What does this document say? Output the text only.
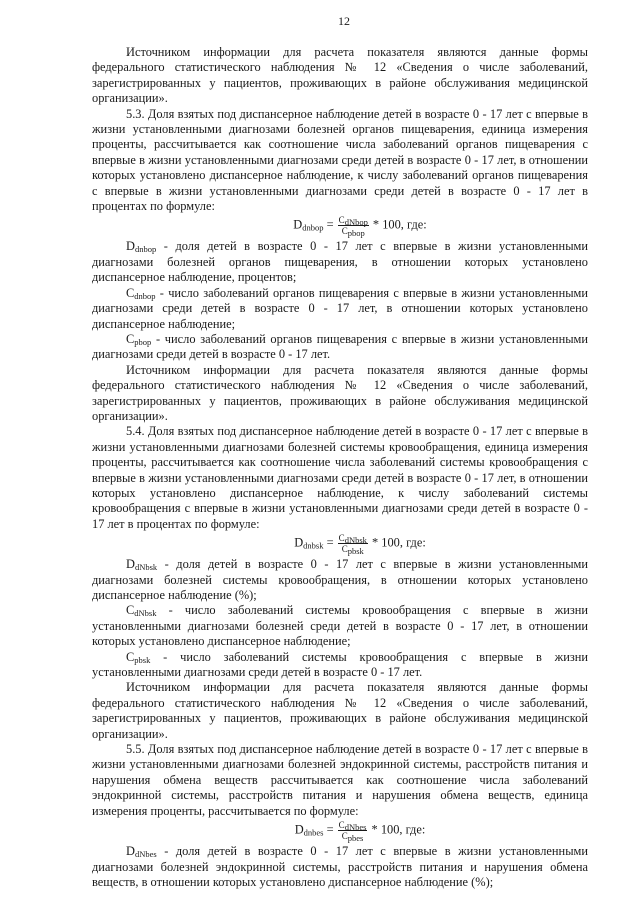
12

Источником информации для расчета показателя являются данные формы федерального статистического наблюдения № 12 «Сведения о числе заболеваний, зарегистрированных у пациентов, проживающих в районе обслуживания медицинской организации».

5.3. Доля взятых под диспансерное наблюдение детей в возрасте 0 - 17 лет с впервые в жизни установленными диагнозами болезней органов пищеварения, единица измерения проценты, рассчитывается как соотношение числа заболеваний органов пищеварения с впервые в жизни установленными диагнозами среди детей в возрасте 0 - 17 лет, в отношении которых установлено диспансерное наблюдение, к числу заболеваний органов пищеварения с впервые в жизни установленными диагнозами среди детей в возрасте 0 - 17 лет в процентах по формуле:

$D_{dnbop} = \frac{C_{dNbop}}{C_{pbop}} * 100$, где:

$D_{dnbop}$ - доля детей в возрасте 0 - 17 лет с впервые в жизни установленными диагнозами болезней органов пищеварения, в отношении которых установлено диспансерное наблюдение, процентов;

$C_{dnbop}$ - число заболеваний органов пищеварения с впервые в жизни установленными диагнозами среди детей в возрасте 0 - 17 лет, в отношении которых установлено диспансерное наблюдение;

$C_{pbop}$ - число заболеваний органов пищеварения с впервые в жизни установленными диагнозами среди детей в возрасте 0 - 17 лет.

Источником информации для расчета показателя являются данные формы федерального статистического наблюдения № 12 «Сведения о числе заболеваний, зарегистрированных у пациентов, проживающих в районе обслуживания медицинской организации».

5.4. Доля взятых под диспансерное наблюдение детей в возрасте 0 - 17 лет с впервые в жизни установленными диагнозами болезней системы кровообращения, единица измерения проценты, рассчитывается как соотношение числа заболеваний системы кровообращения с впервые в жизни установленными диагнозами среди детей в возрасте 0 - 17 лет, в отношении которых установлено диспансерное наблюдение, к числу заболеваний системы кровообращения с впервые в жизни установленными диагнозами среди детей в возрасте 0 - 17 лет в процентах по формуле:

$D_{dnbsk} = \frac{C_{dNbsk}}{C_{pbsk}} * 100$, где:

$D_{dNbsk}$ - доля детей в возрасте 0 - 17 лет с впервые в жизни установленными диагнозами болезней системы кровообращения, в отношении которых установлено диспансерное наблюдение (%);

$C_{dNbsk}$ - число заболеваний системы кровообращения с впервые в жизни установленными диагнозами болезней среди детей в возрасте 0 - 17 лет, в отношении которых установлено диспансерное наблюдение;

$C_{pbsk}$ - число заболеваний системы кровообращения с впервые в жизни установленными диагнозами среди детей в возрасте 0 - 17 лет.

Источником информации для расчета показателя являются данные формы федерального статистического наблюдения № 12 «Сведения о числе заболеваний, зарегистрированных у пациентов, проживающих в районе обслуживания медицинской организации».

5.5. Доля взятых под диспансерное наблюдение детей в возрасте 0 - 17 лет с впервые в жизни установленными диагнозами болезней эндокринной системы, расстройств питания и нарушения обмена веществ рассчитывается как соотношение числа заболеваний эндокринной системы, расстройств питания и нарушения обмена веществ, единица измерения проценты, рассчитывается по формуле:

$D_{dnbes} = \frac{C_{dNbes}}{C_{pbes}} * 100$, где:

$D_{dNbes}$ - доля детей в возрасте 0 - 17 лет с впервые в жизни установленными диагнозами болезней эндокринной системы, расстройств питания и нарушения обмена веществ, в отношении которых установлено диспансерное наблюдение (%);
